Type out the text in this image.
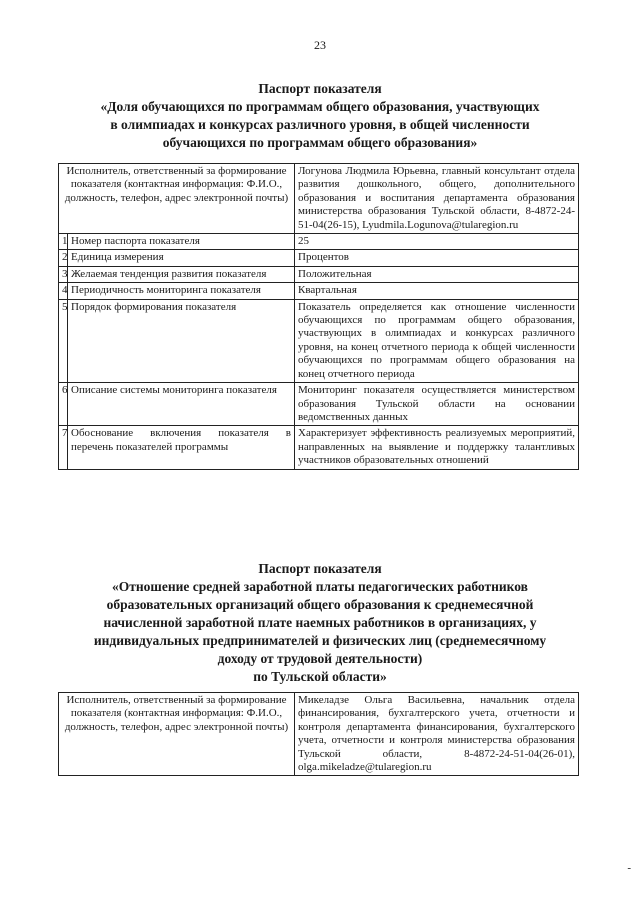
23
Паспорт показателя
«Доля обучающихся по программам общего образования, участвующих
в олимпиадах и конкурсах различного уровня, в общей численности
обучающихся по программам общего образования»
Исполнитель, ответственный за формирование показателя (контактная информация: Ф.И.О., должность, телефон, адрес электронной почты)		Логунова Людмила Юрьевна, главный консультант отдела развития дошкольного, общего, дополнительного образования и воспитания департамента образования министерства образования Тульской области, 8-4872-24-51-04(26-15), Lyudmila.Logunova@tularegion.ru
1	Номер паспорта показателя	25
2	Единица измерения	Процентов
3	Желаемая тенденция развития показателя	Положительная
4	Периодичность мониторинга показателя	Квартальная
5	Порядок формирования показателя	Показатель определяется как отношение численности обучающихся по программам общего образования, участвующих в олимпиадах и конкурсах различного уровня, на конец отчетного периода к общей численности обучающихся по программам общего образования на конец отчетного периода
6	Описание системы мониторинга показателя	Мониторинг показателя осуществляется министерством образования Тульской области на основании ведомственных данных
7	Обоснование включения показателя в перечень показателей программы	Характеризует эффективность реализуемых мероприятий, направленных на выявление и поддержку талантливых участников образовательных отношений
Паспорт показателя
«Отношение средней заработной платы педагогических работников
образовательных организаций общего образования к среднемесячной
начисленной заработной плате наемных работников в организациях, у
индивидуальных предпринимателей и физических лиц (среднемесячному
доходу от трудовой деятельности)
по Тульской области»
Исполнитель, ответственный за формирование показателя (контактная информация: Ф.И.О., должность, телефон, адрес электронной почты)	Микеладзе Ольга Васильевна, начальник отдела финансирования, бухгалтерского учета, отчетности и контроля департамента финансирования, бухгалтерского учета, отчетности и контроля министерства образования Тульской области, 8-4872-24-51-04(26-01), olga.mikeladze@tularegion.ru
-
